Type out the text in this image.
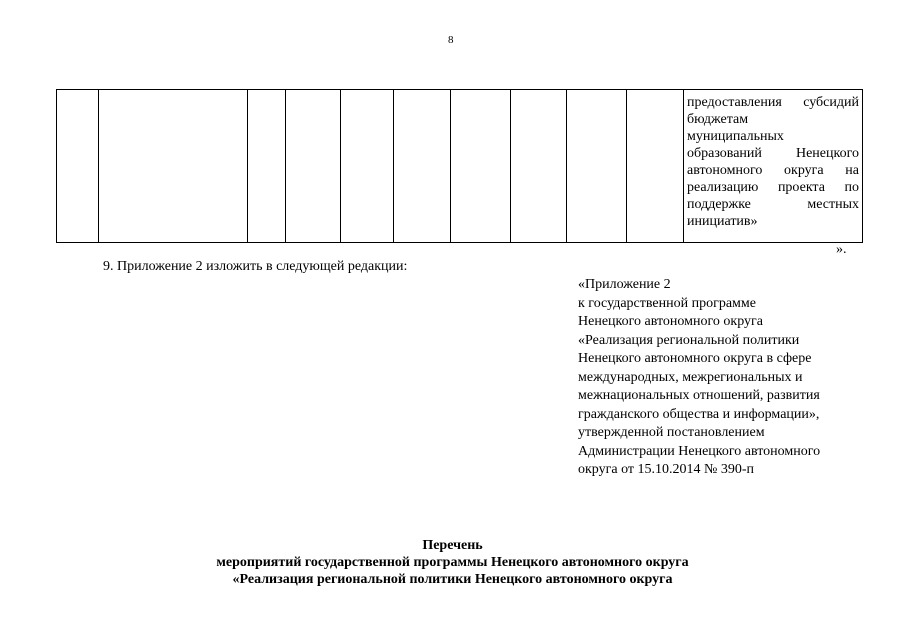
8

предоставления субсидий
бюджетам
муниципальных
образований Ненецкого
автономного округа на
реализацию проекта по
поддержке местных
инициатив»
».
9. Приложение 2 изложить в следующей редакции:
«Приложение 2
к государственной программе
Ненецкого автономного округа
«Реализация региональной политики
Ненецкого автономного округа в сфере
международных, межрегиональных и
межнациональных отношений, развития
гражданского общества и информации»,
утвержденной постановлением
Администрации Ненецкого автономного
округа от 15.10.2014 № 390-п
Перечень
мероприятий государственной программы Ненецкого автономного округа
«Реализация региональной политики Ненецкого автономного округа
